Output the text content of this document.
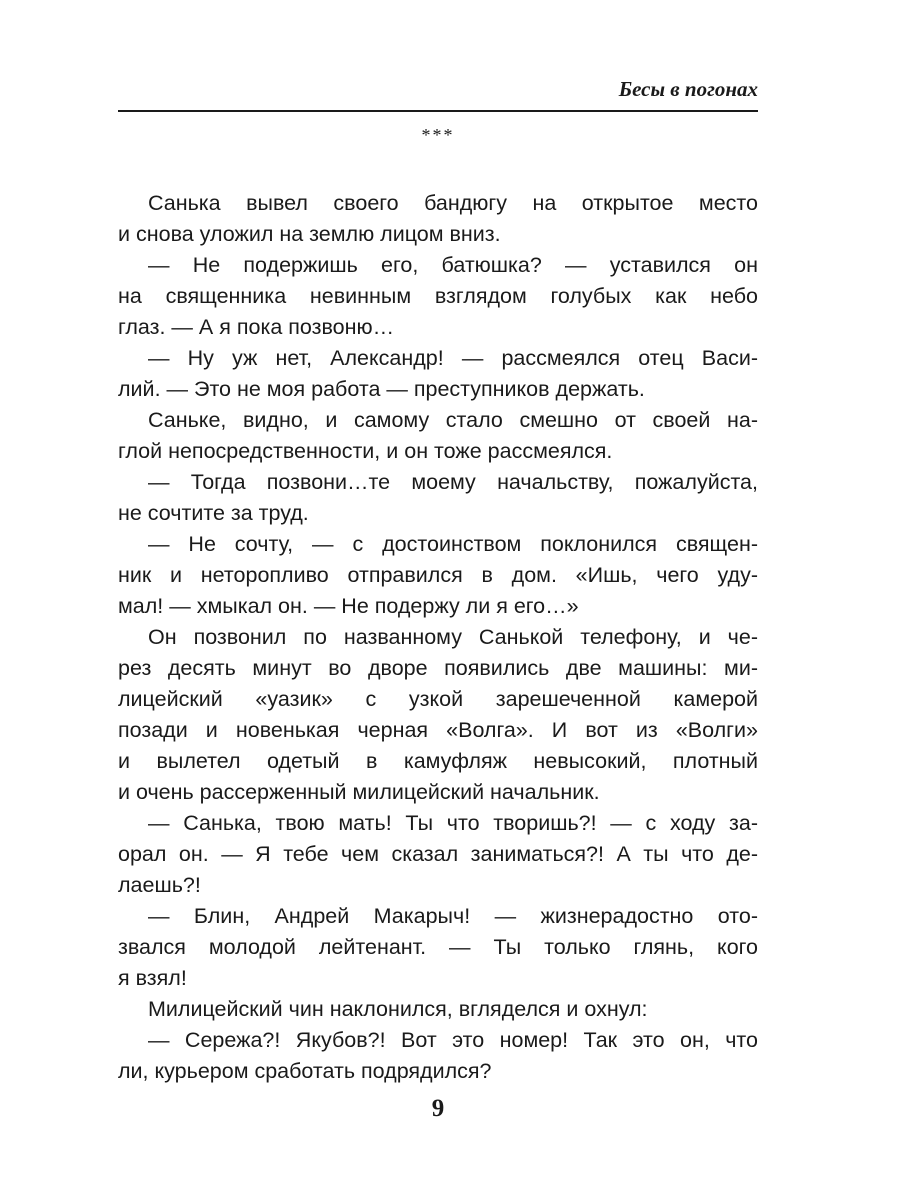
Бесы в погонах
***
Санька вывел своего бандюгу на открытое место
и снова уложил на землю лицом вниз.
— Не подержишь его, батюшка? — уставился он
на священника невинным взглядом голубых как небо
глаз. — А я пока позвоню…
— Ну уж нет, Александр! — рассмеялся отец Васи-
лий. — Это не моя работа — преступников держать.
Саньке, видно, и самому стало смешно от своей на-
глой непосредственности, и он тоже рассмеялся.
— Тогда позвони…те моему начальству, пожалуйста,
не сочтите за труд.
— Не сочту, — с достоинством поклонился священ-
ник и неторопливо отправился в дом. «Ишь, чего уду-
мал! — хмыкал он. — Не подержу ли я его…»
Он позвонил по названному Санькой телефону, и че-
рез десять минут во дворе появились две машины: ми-
лицейский «уазик» с узкой зарешеченной камерой
позади и новенькая черная «Волга». И вот из «Волги»
и вылетел одетый в камуфляж невысокий, плотный
и очень рассерженный милицейский начальник.
— Санька, твою мать! Ты что творишь?! — с ходу за-
орал он. — Я тебе чем сказал заниматься?! А ты что де-
лаешь?!
— Блин, Андрей Макарыч! — жизнерадостно ото-
звался молодой лейтенант. — Ты только глянь, кого
я взял!
Милицейский чин наклонился, вгляделся и охнул:
— Сережа?! Якубов?! Вот это номер! Так это он, что
ли, курьером сработать подрядился?
9
